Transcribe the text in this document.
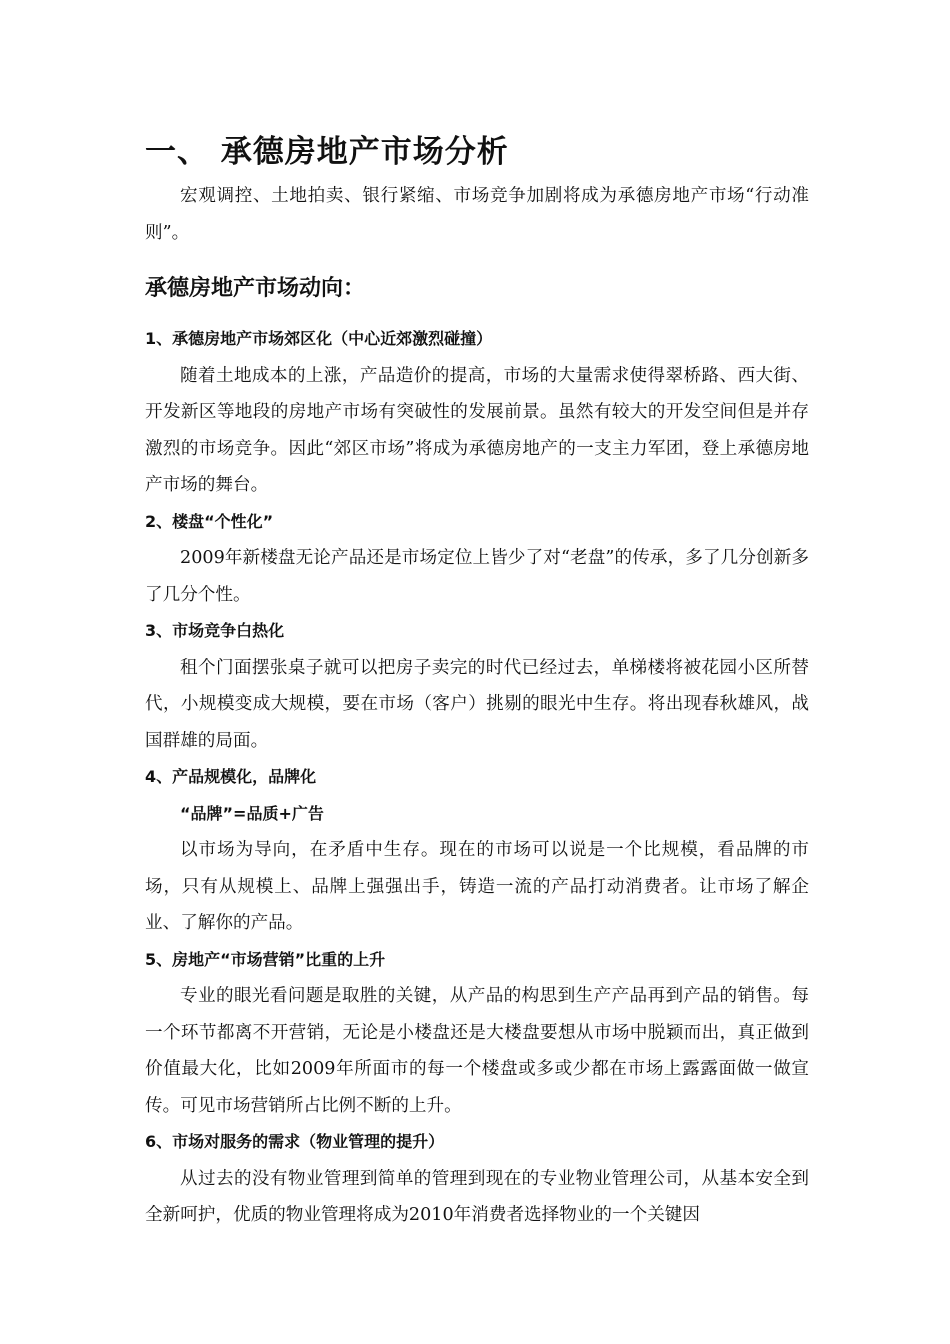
一、 承德房地产市场分析

宏观调控、土地拍卖、银行紧缩、市场竞争加剧将成为承德房地产市场“行动准则”。

承德房地产市场动向：
1、承德房地产市场郊区化（中心近郊激烈碰撞）

随着土地成本的上涨，产品造价的提高，市场的大量需求使得翠桥路、西大街、开发新区等地段的房地产市场有突破性的发展前景。虽然有较大的开发空间但是并存激烈的市场竞争。因此“郊区市场”将成为承德房地产的一支主力军团，登上承德房地产市场的舞台。

2、楼盘“个性化”

2009年新楼盘无论产品还是市场定位上皆少了对“老盘”的传承，多了几分创新多了几分个性。

3、市场竞争白热化

租个门面摆张桌子就可以把房子卖完的时代已经过去，单梯楼将被花园小区所替代，小规模变成大规模，要在市场（客户）挑剔的眼光中生存。将出现春秋雄风，战国群雄的局面。

4、产品规模化，品牌化
“品牌”=品质+广告

以市场为导向，在矛盾中生存。现在的市场可以说是一个比规模，看品牌的市场，只有从规模上、品牌上强强出手，铸造一流的产品打动消费者。让市场了解企业、了解你的产品。

5、房地产“市场营销”比重的上升

专业的眼光看问题是取胜的关键，从产品的构思到生产产品再到产品的销售。每一个环节都离不开营销，无论是小楼盘还是大楼盘要想从市场中脱颖而出，真正做到价值最大化，比如2009年所面市的每一个楼盘或多或少都在市场上露露面做一做宣传。可见市场营销所占比例不断的上升。

6、市场对服务的需求（物业管理的提升）

从过去的没有物业管理到简单的管理到现在的专业物业管理公司，从基本安全到全新呵护，优质的物业管理将成为2010年消费者选择物业的一个关键因
